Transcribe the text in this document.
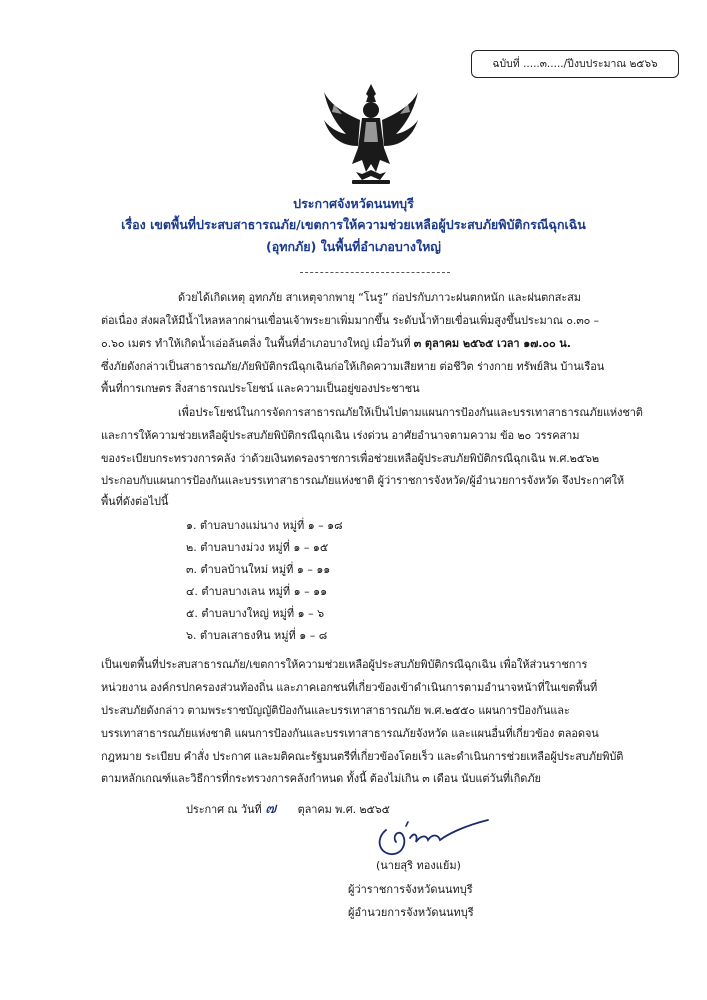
ฉบับที่ .....๓...../ปีงบประมาณ ๒๕๖๖
ประกาศจังหวัดนนทบุรี
เรื่อง เขตพื้นที่ประสบสาธารณภัย/เขตการให้ความช่วยเหลือผู้ประสบภัยพิบัติกรณีฉุกเฉิน
(อุทกภัย) ในพื้นที่อำเภอบางใหญ่
ด้วยได้เกิดเหตุ อุทกภัย สาเหตุจากพายุ “โนรู” ก่อปรกับภาวะฝนตกหนัก และฝนตกสะสม
ต่อเนื่อง ส่งผลให้มีน้ำไหลหลากผ่านเขื่อนเจ้าพระยาเพิ่มมากขึ้น ระดับน้ำท้ายเขื่อนเพิ่มสูงขึ้นประมาณ ๐.๓๐ –
๐.๖๐ เมตร ทำให้เกิดน้ำเอ่อล้นตลิ่ง ในพื้นที่อำเภอบางใหญ่ เมื่อวันที่ ๓ ตุลาคม ๒๕๖๕ เวลา ๑๗.๐๐ น.
ซึ่งภัยดังกล่าวเป็นสาธารณภัย/ภัยพิบัติกรณีฉุกเฉินก่อให้เกิดความเสียหาย ต่อชีวิต ร่างกาย ทรัพย์สิน บ้านเรือน
พื้นที่การเกษตร สิ่งสาธารณประโยชน์ และความเป็นอยู่ของประชาชน
เพื่อประโยชน์ในการจัดการสาธารณภัยให้เป็นไปตามแผนการป้องกันและบรรเทาสาธารณภัยแห่งชาติ
และการให้ความช่วยเหลือผู้ประสบภัยพิบัติกรณีฉุกเฉิน เร่งด่วน อาศัยอำนาจตามความ ข้อ ๒๐ วรรคสาม
ของระเบียบกระทรวงการคลัง ว่าด้วยเงินทดรองราชการเพื่อช่วยเหลือผู้ประสบภัยพิบัติกรณีฉุกเฉิน พ.ศ.๒๕๖๒
ประกอบกับแผนการป้องกันและบรรเทาสาธารณภัยแห่งชาติ ผู้ว่าราชการจังหวัด/ผู้อำนวยการจังหวัด จึงประกาศให้
พื้นที่ดังต่อไปนี้
๑. ตำบลบางแม่นาง หมู่ที่ ๑ – ๑๘
๒. ตำบลบางม่วง หมู่ที่ ๑ – ๑๕
๓. ตำบลบ้านใหม่ หมู่ที่ ๑ – ๑๑
๔. ตำบลบางเลน หมู่ที่ ๑ – ๑๑
๕. ตำบลบางใหญ่ หมู่ที่ ๑ – ๖
๖. ตำบลเสาธงหิน หมู่ที่ ๑ – ๘
เป็นเขตพื้นที่ประสบสาธารณภัย/เขตการให้ความช่วยเหลือผู้ประสบภัยพิบัติกรณีฉุกเฉิน เพื่อให้ส่วนราชการ
หน่วยงาน องค์กรปกครองส่วนท้องถิ่น และภาคเอกชนที่เกี่ยวข้องเข้าดำเนินการตามอำนาจหน้าที่ในเขตพื้นที่
ประสบภัยดังกล่าว ตามพระราชบัญญัติป้องกันและบรรเทาสาธารณภัย พ.ศ.๒๕๕๐ แผนการป้องกันและ
บรรเทาสาธารณภัยแห่งชาติ แผนการป้องกันและบรรเทาสาธารณภัยจังหวัด และแผนอื่นที่เกี่ยวข้อง ตลอดจน
กฎหมาย ระเบียบ คำสั่ง ประกาศ และมติคณะรัฐมนตรีที่เกี่ยวข้องโดยเร็ว และดำเนินการช่วยเหลือผู้ประสบภัยพิบัติ
ตามหลักเกณฑ์และวิธีการที่กระทรวงการคลังกำหนด ทั้งนี้ ต้องไม่เกิน ๓ เดือน นับแต่วันที่เกิดภัย
ประกาศ ณ วันที่ ๗ ตุลาคม พ.ศ. ๒๕๖๕
(นายสุริ ทองแย้ม)
ผู้ว่าราชการจังหวัดนนทบุรี
ผู้อำนวยการจังหวัดนนทบุรี
